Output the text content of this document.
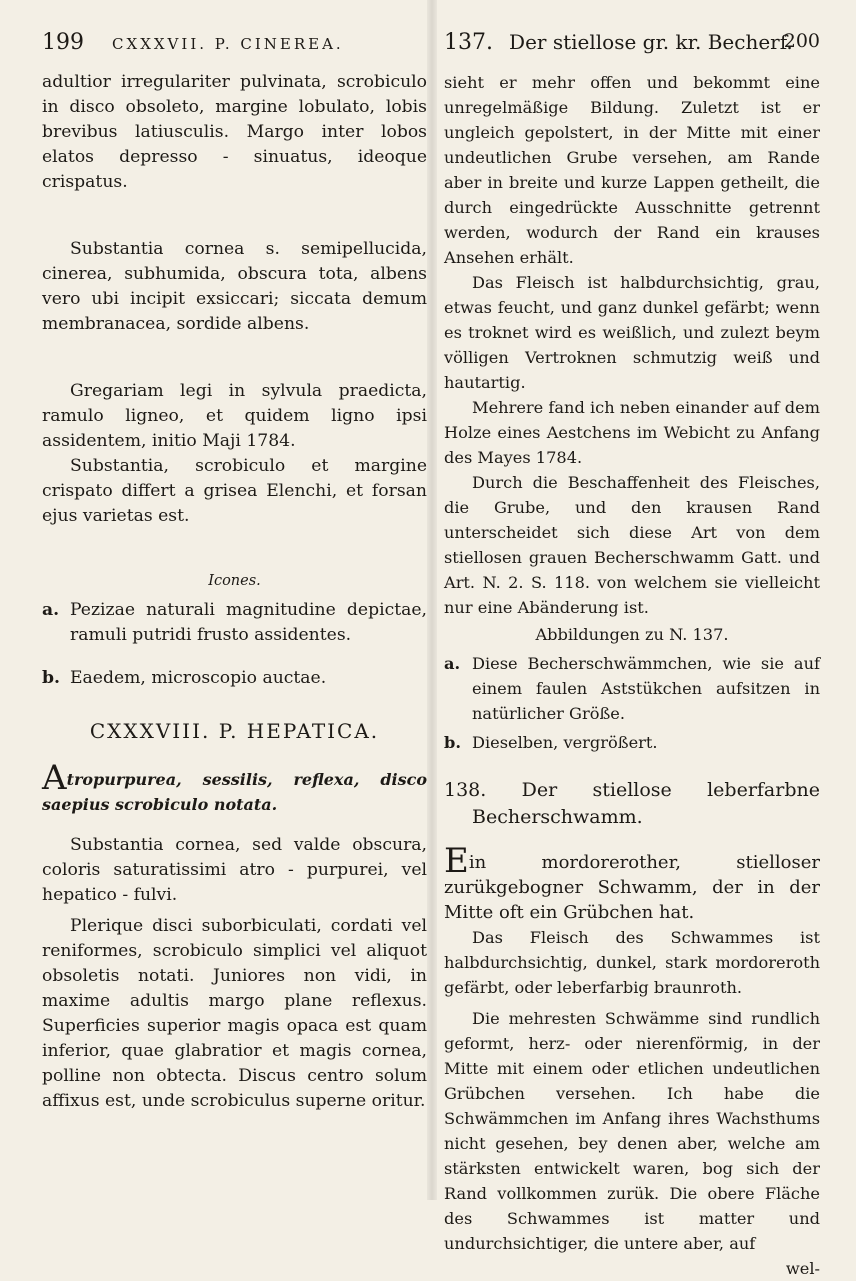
199 CXXXVII. P. CINEREA.

adultior irregulariter pulvinata, scrobiculo in disco obsoleto, margine lobulato, lobis brevibus latiusculis. Margo inter lobos elatos depresso - sinuatus, ideoque crispatus.

Substantia cornea s. semipellucida, cinerea, subhumida, obscura tota, albens vero ubi incipit exsiccari; siccata demum membranacea, sordide albens.

Gregariam legi in sylvula praedicta, ramulo ligneo, et quidem ligno ipsi assidentem, initio Maji 1784.

Substantia, scrobiculo et margine crispato differt a grisea Elenchi, et forsan ejus varietas est.

Icones.

a. Pezizae naturali magnitudine depictae, ramuli putridi frusto assidentes.

b. Eaedem, microscopio auctae.

CXXXVIII. P. HEPATICA.

Atropurpurea, sessilis, reflexa, disco saepius scrobiculo notata.

Substantia cornea, sed valde obscura, coloris saturatissimi atro - purpurei, vel hepatico - fulvi.

Plerique disci suborbiculati, cordati vel reniformes, scrobiculo simplici vel aliquot obsoletis notati. Juniores non vidi, in maxime adultis margo plane reflexus. Superficies superior magis opaca est quam inferior, quae glabratior et magis cornea, polline non obtecta. Discus centro solum affixus est, unde scrobiculus superne oritur.

137. Der stiellose gr. kr. Becherf.
200

sieht er mehr offen und bekommt eine unregelmäßige Bildung. Zuletzt ist er ungleich gepolstert, in der Mitte mit einer undeutlichen Grube versehen, am Rande aber in breite und kurze Lappen getheilt, die durch eingedrückte Ausschnitte getrennt werden, wodurch der Rand ein krauses Ansehen erhält.

Das Fleisch ist halbdurchsichtig, grau, etwas feucht, und ganz dunkel gefärbt; wenn es troknet wird es weißlich, und zulezt beym völligen Vertroknen schmutzig weiß und hautartig.

Mehrere fand ich neben einander auf dem Holze eines Aestchens im Webicht zu Anfang des Mayes 1784.

Durch die Beschaffenheit des Fleisches, die Grube, und den krausen Rand unterscheidet sich diese Art von dem stiellosen grauen Becherschwamm Gatt. und Art. N. 2. S. 118. von welchem sie vielleicht nur eine Abänderung ist.

Abbildungen zu N. 137.

a. Diese Becherschwämmchen, wie sie auf einem faulen Aststükchen aufsitzen in natürlicher Größe.

b. Dieselben, vergrößert.

138. Der stiellose leberfarbne Becherschwamm.

Ein mordorerother, stielloser zurükgebogner Schwamm, der in der Mitte oft ein Grübchen hat.

Das Fleisch des Schwammes ist halbdurchsichtig, dunkel, stark mordoreroth gefärbt, oder leberfarbig braunroth.

Die mehresten Schwämme sind rundlich geformt, herz- oder nierenförmig, in der Mitte mit einem oder etlichen undeutlichen Grübchen versehen. Ich habe die Schwämmchen im Anfang ihres Wachsthums nicht gesehen, bey denen aber, welche am stärksten entwickelt waren, bog sich der Rand vollkommen zurük. Die obere Fläche des Schwammes ist matter und undurchsichtiger, die untere aber, auf

wel-
